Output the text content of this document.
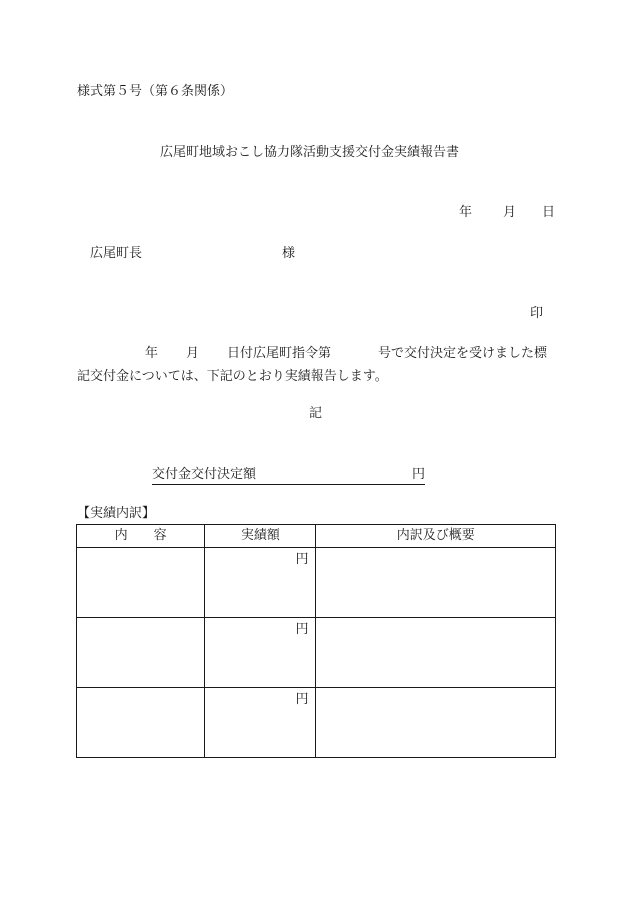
様式第５号（第６条関係）
広尾町地域おこし協力隊活動支援交付金実績報告書
年 月 日
広尾町長	様
印
年 月 日付広尾町指令第	号で交付決定を受けました標
記交付金については、下記のとおり実績報告します。
記
交付金交付決定額	円
【実績内訳】
内　　容	実績額	内訳及び概要
	円	
	円	
	円	
